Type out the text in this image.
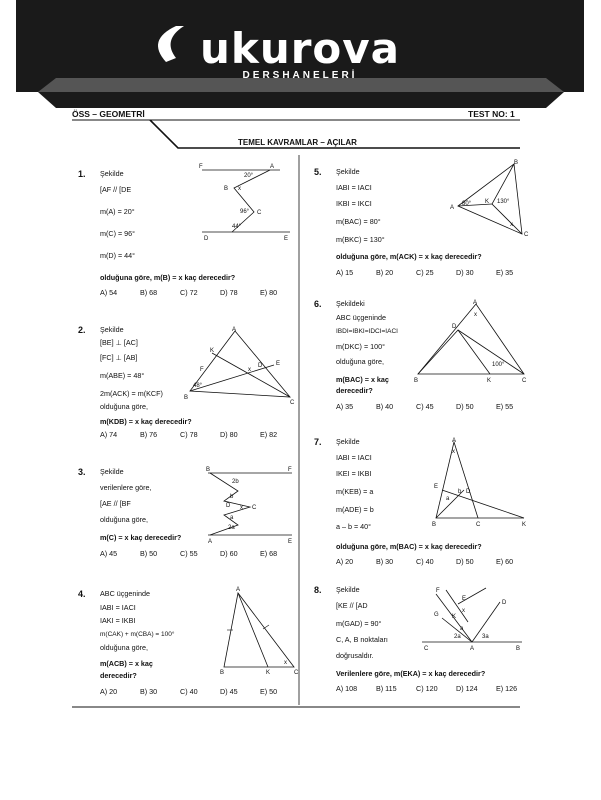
ukurova
DERSHANELERİ
ÖSS – GEOMETRİ	TEST NO: 1
TEMEL KAVRAMLAR – AÇILAR
1. Şekilde
[AF // [DE
m(A) = 20°
m(C) = 96°
m(D) = 44°
olduğuna göre, m(B) = x kaç derecedir?
A) 54	B) 68	C) 72	D) 78	E) 80
F	A
20°
B x
96° C
44°
D	E
2. Şekilde
[BE] ⊥ [AC]
[FC] ⊥ [AB]
m(ABE) = 48°
2m(ACK) = m(KCF)
olduğuna göre,
m(KDB) = x kaç derecedir?
A) 74	B) 76	C) 78	D) 80	E) 82
A
K
D E
F	x
48°
B
C
3. Şekilde
verilenlere göre,
[AE // [BF
olduğuna göre,
m(C) = x kaç derecedir?
A) 45	B) 50	C) 55	D) 60	E) 68
B	F
2b
b
D x C
a
2a
A	E
4. ABC üçgeninde
IABI = IACI
IAKI = IKBI
m(CAK) + m(CBA) = 100°
olduğuna göre,
m(ACB) = x kaç
derecedir?
A) 20	B) 30	C) 40	D) 45	E) 50
A
B	K	C
x
5. Şekilde
IABI = IACI
IKBI = IKCI
m(BAC) = 80°
m(BKC) = 130°
olduğuna göre, m(ACK) = x kaç derecedir?
A) 15	B) 20	C) 25	D) 30	E) 35
B
A
80° K 130°
x
C
6. Şekildeki
ABC üçgeninde
IBDI=IBKI=IDCI=IACI
m(DKC) = 100°
olduğuna göre,
m(BAC) = x kaç
derecedir?
A) 35	B) 40	C) 45	D) 50	E) 55
A
x
D
100°
B	K	C
7. Şekilde
IABI = IACI
IKEI = IKBI
m(KEB) = a
m(ADE) = b
a – b = 40°
olduğuna göre, m(BAC) = x kaç derecedir?
A) 20	B) 30	C) 40	D) 50	E) 60
A
x
E
b D
a
B	C	K
8. Şekilde
[KE // [AD
m(GAD) = 90°
C, A, B noktaları
doğrusaldır.
Verilenlere göre, m(EKA) = x kaç derecedir?
A) 108	B) 115	C) 120	D) 124	E) 126
F
E
D
G K
x
a
2a	3a
C	A	B
